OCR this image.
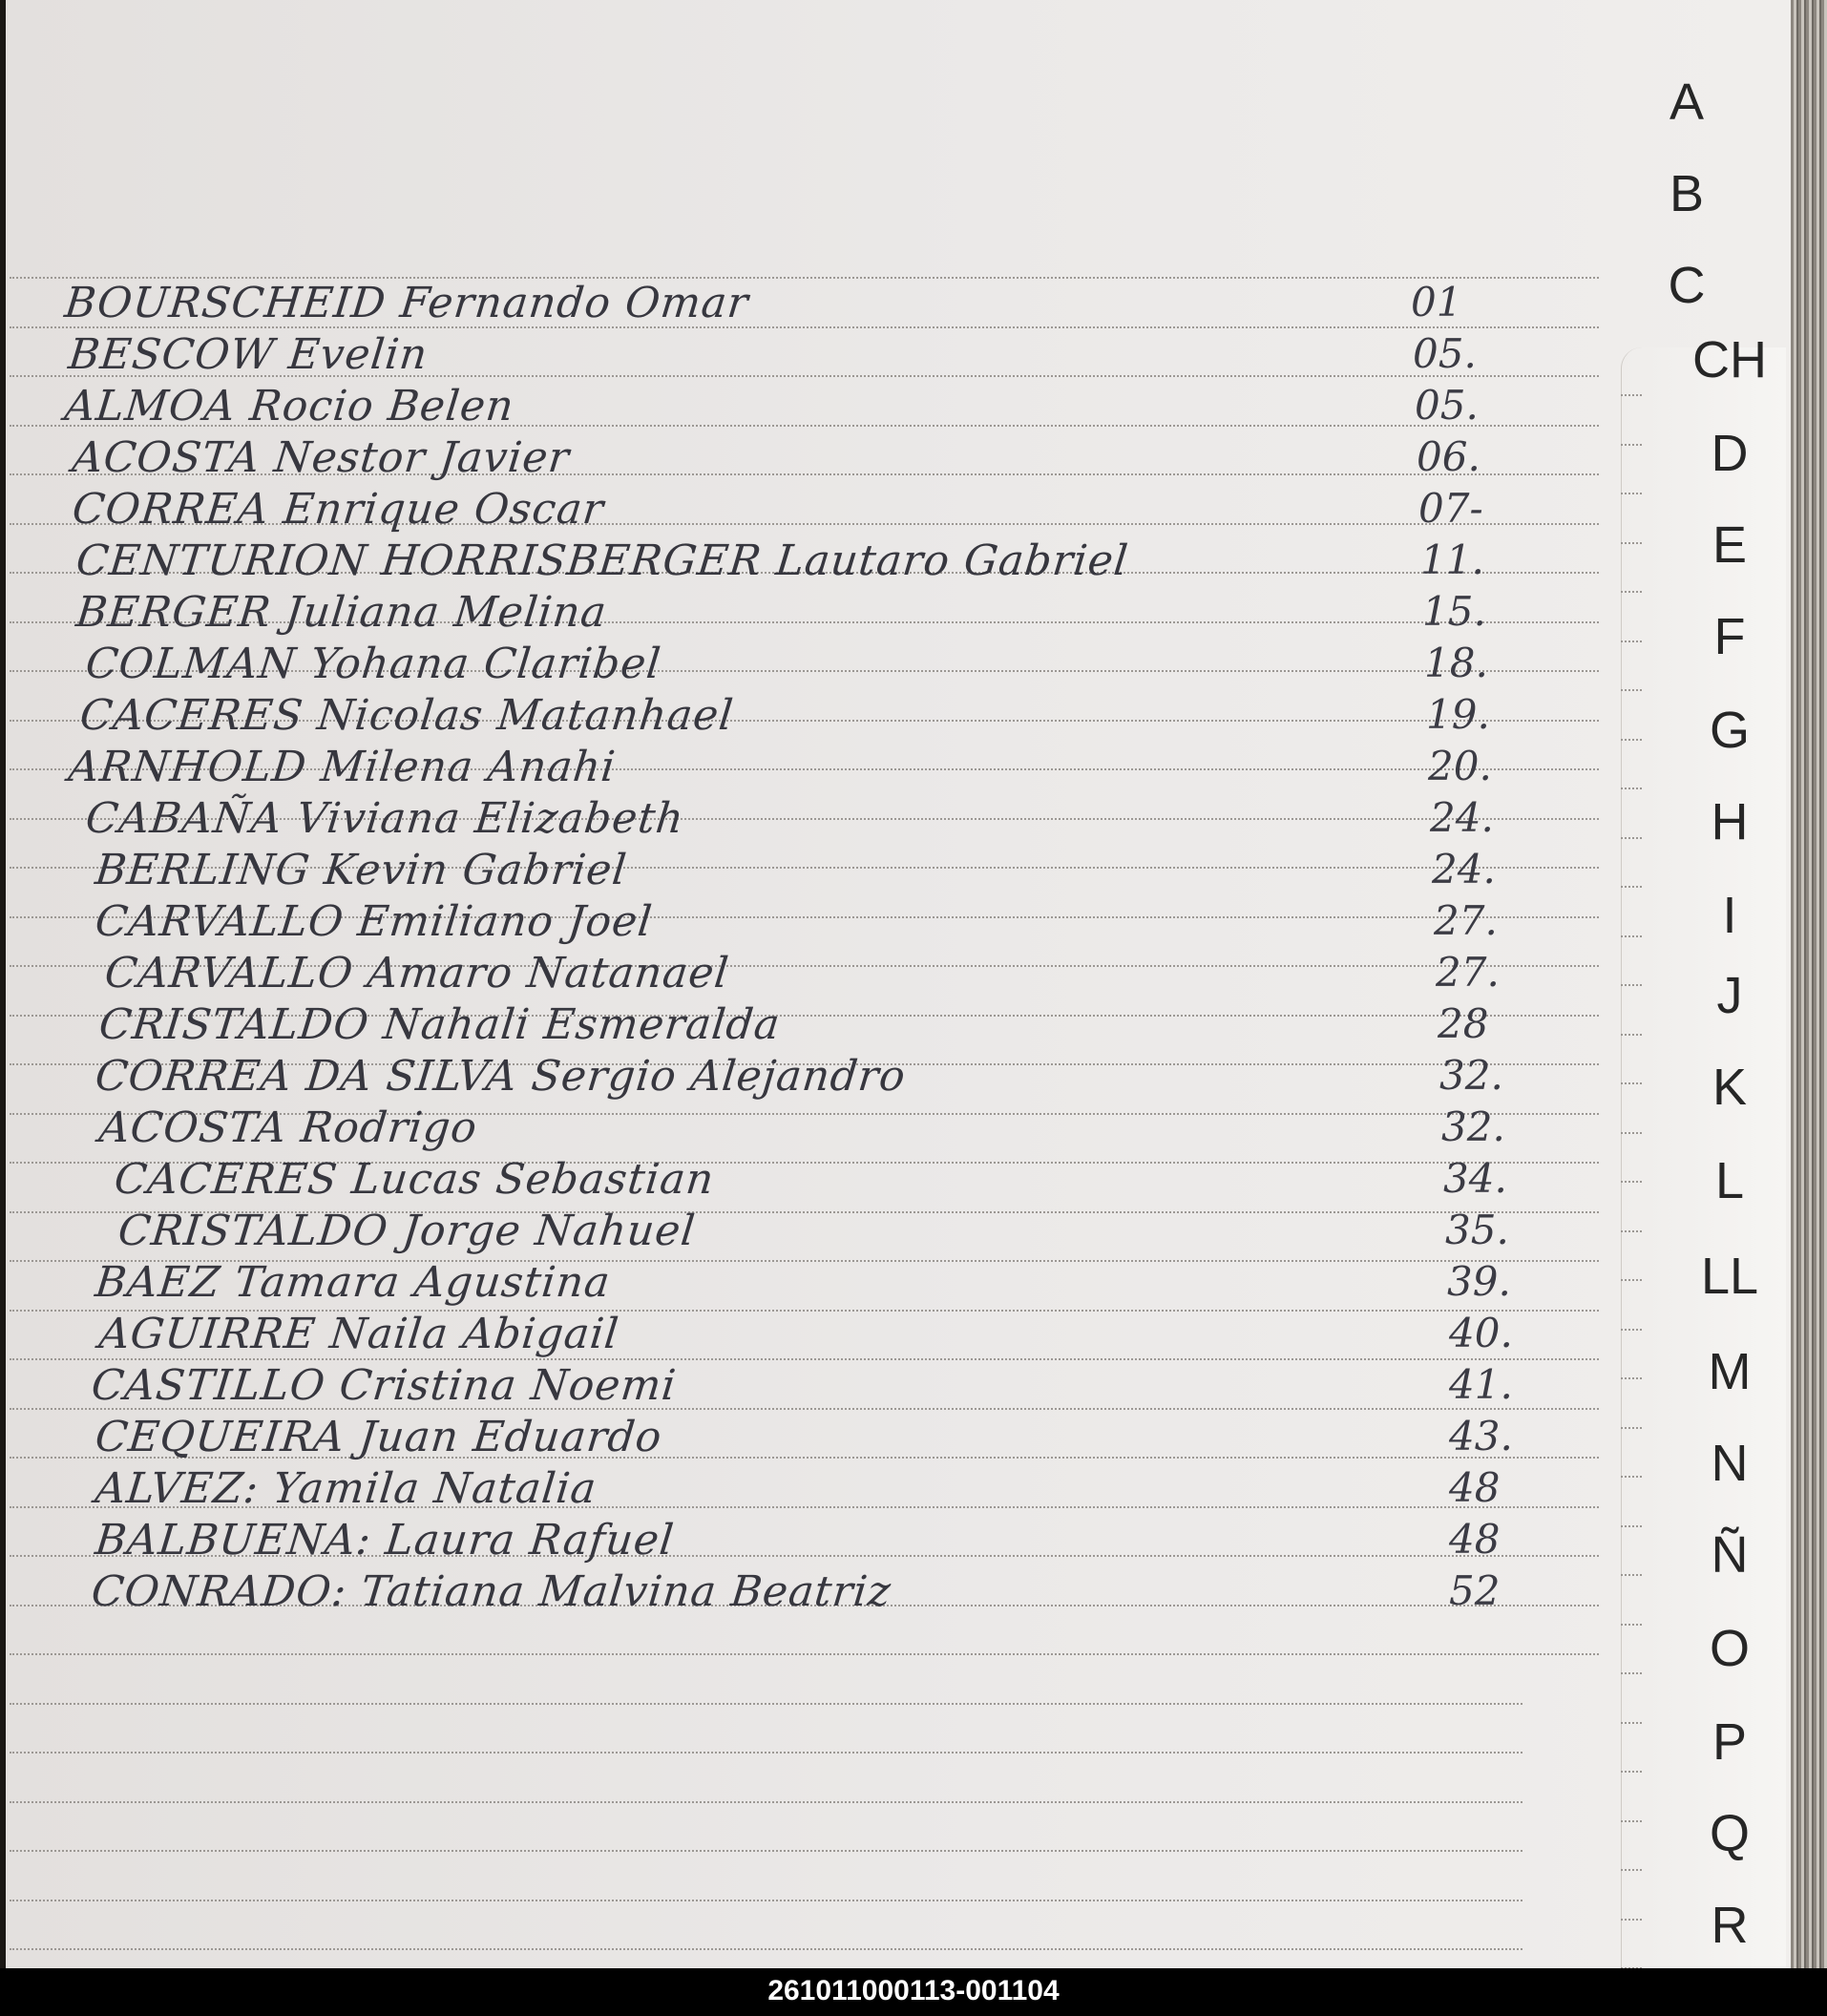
BOURSCHEID Fernando Omar	01
BESCOW Evelin	05.
ALMOA Rocio Belen	05.
ACOSTA Nestor Javier	06.
CORREA Enrique Oscar	07-
CENTURION HORRISBERGER Lautaro Gabriel	11.
BERGER Juliana Melina	15.
COLMAN Yohana Claribel	18.
CACERES Nicolas Matanhael	19.
ARNHOLD Milena Anahi	20.
CABAÑA Viviana Elizabeth	24.
BERLING Kevin Gabriel	24.
CARVALLO Emiliano Joel	27.
CARVALLO Amaro Natanael	27.
CRISTALDO Nahali Esmeralda	28
CORREA DA SILVA Sergio Alejandro	32.
ACOSTA Rodrigo	32.
CACERES Lucas Sebastian	34.
CRISTALDO Jorge Nahuel	35.
BAEZ Tamara Agustina	39.
AGUIRRE Naila Abigail	40.
CASTILLO Cristina Noemi	41.
CEQUEIRA Juan Eduardo	43.
ALVEZ: Yamila Natalia	48
BALBUENA: Laura Rafuel	48
CONRADO: Tatiana Malvina Beatriz	52
A
B
C
CH
D
E
F
G
H
I
J
K
L
LL
M
N
Ñ
O
P
Q
R
261011000113-001104
